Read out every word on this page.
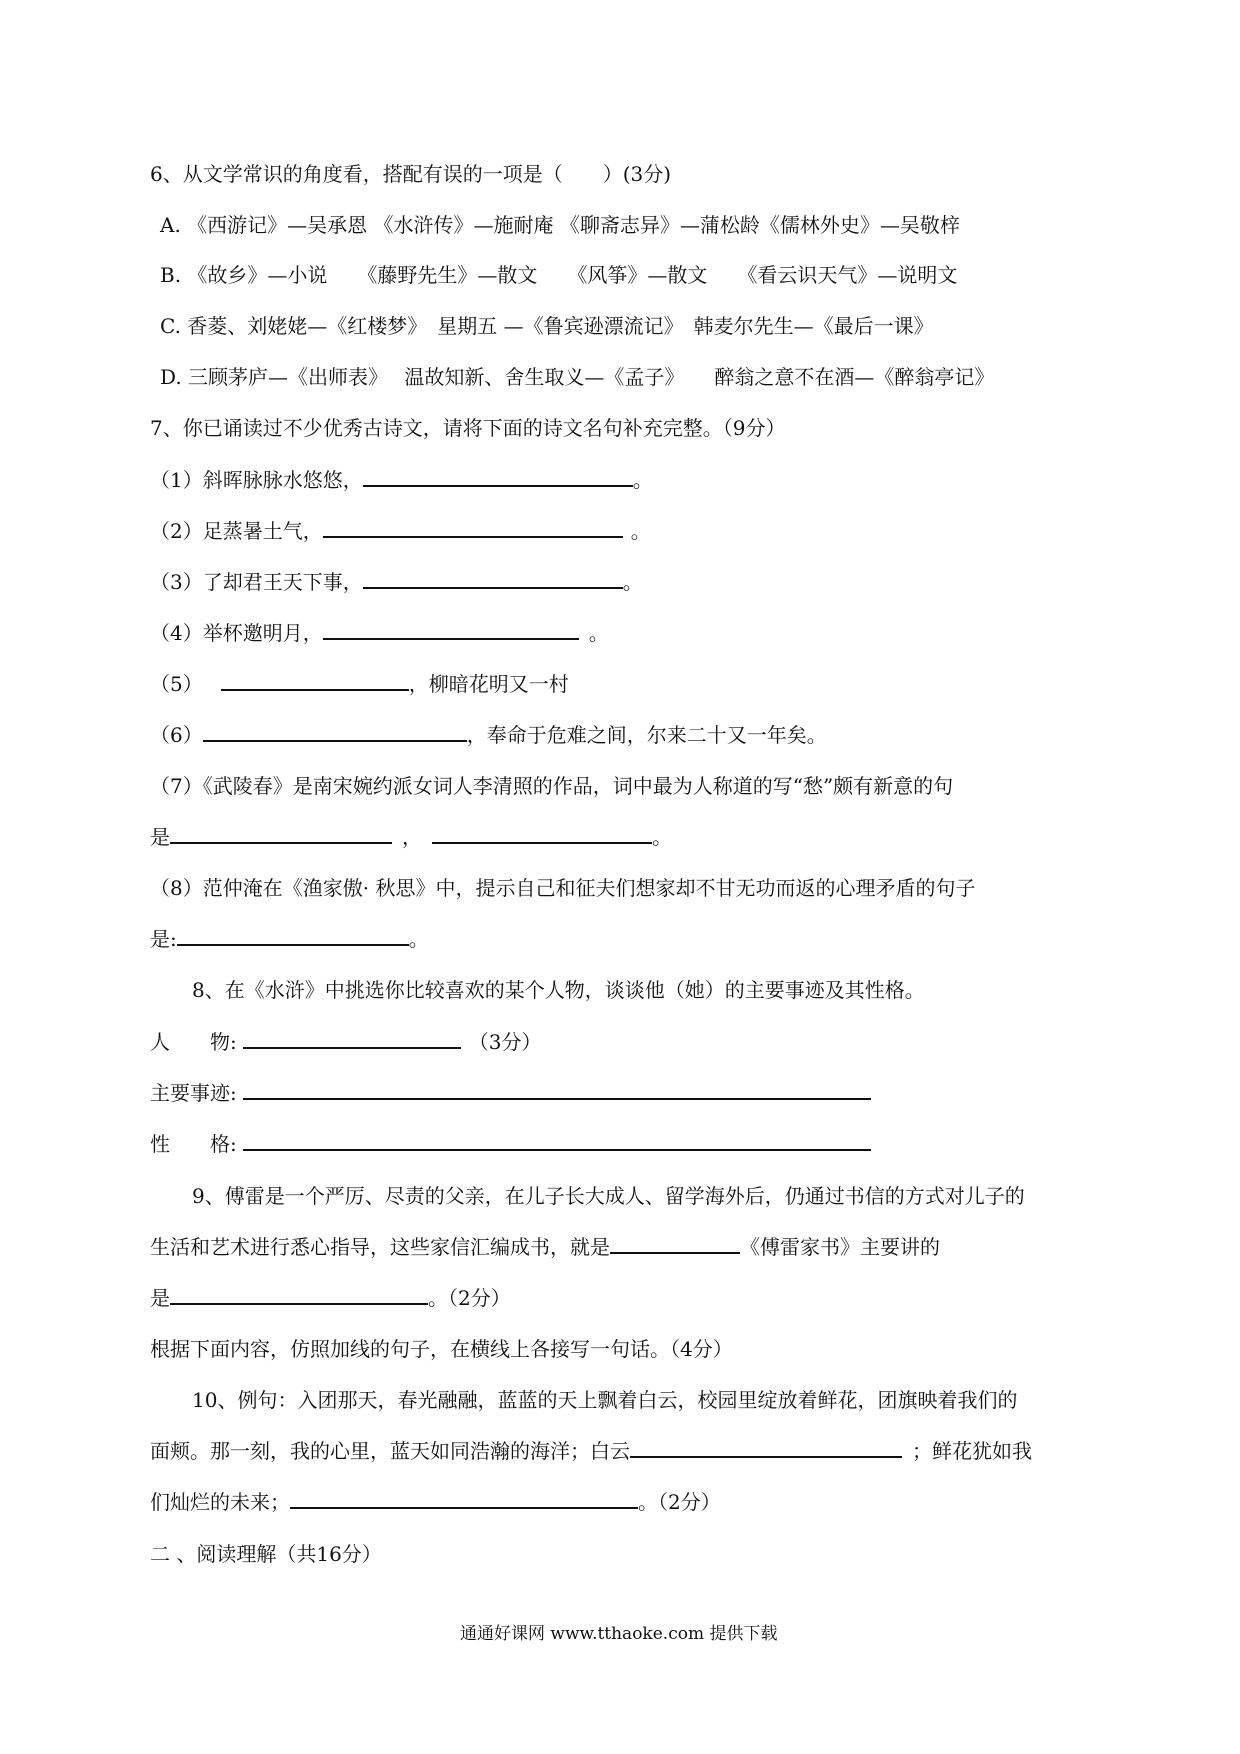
6、从文学常识的角度看，搭配有误的一项是（　　）(3分)
A. 《西游记》—吴承恩 《水浒传》—施耐庵 《聊斋志异》—蒲松龄《儒林外史》—吴敬梓
B. 《故乡》—小说　　《藤野先生》—散文　　《风筝》—散文　　《看云识天气》—说明文
C. 香菱、刘姥姥—《红楼梦》　星期五 —《鲁宾逊漂流记》　韩麦尔先生—《最后一课》
D. 三顾茅庐—《出师表》　 温故知新、舍生取义—《孟子》　　醉翁之意不在酒—《醉翁亭记》
7、你已诵读过不少优秀古诗文，请将下面的诗文名句补充完整。（9分）
（1）斜晖脉脉水悠悠，	。
（2）足蒸暑土气，	。
（3）了却君王天下事，	。
（4）举杯邀明月，	。
（5）	，柳暗花明又一村
（6）	，奉命于危难之间，尔来二十又一年矣。
（7）《武陵春》是南宋婉约派女词人李清照的作品，词中最为人称道的写“愁”颇有新意的句
是	，	。
（8）范仲淹在《渔家傲· 秋思》中，提示自己和征夫们想家却不甘无功而返的心理矛盾的句子
是:	。
8、在《水浒》中挑选你比较喜欢的某个人物，谈谈他（她）的主要事迹及其性格。
人　　物:	（3分）
主要事迹:
性　　格:
9、傅雷是一个严厉、尽责的父亲，在儿子长大成人、留学海外后，仍通过书信的方式对儿子的
生活和艺术进行悉心指导，这些家信汇编成书，就是	《傅雷家书》主要讲的
是	。（2分）
根据下面内容，仿照加线的句子，在横线上各接写一句话。（4分）
10、例句：入团那天，春光融融，蓝蓝的天上飘着白云，校园里绽放着鲜花，团旗映着我们的
面颊。那一刻，我的心里，蓝天如同浩瀚的海洋；白云	；鲜花犹如我
们灿烂的未来；	。（2分）
二 、阅读理解（共16分）
通通好课网 www.tthaoke.com 提供下载
